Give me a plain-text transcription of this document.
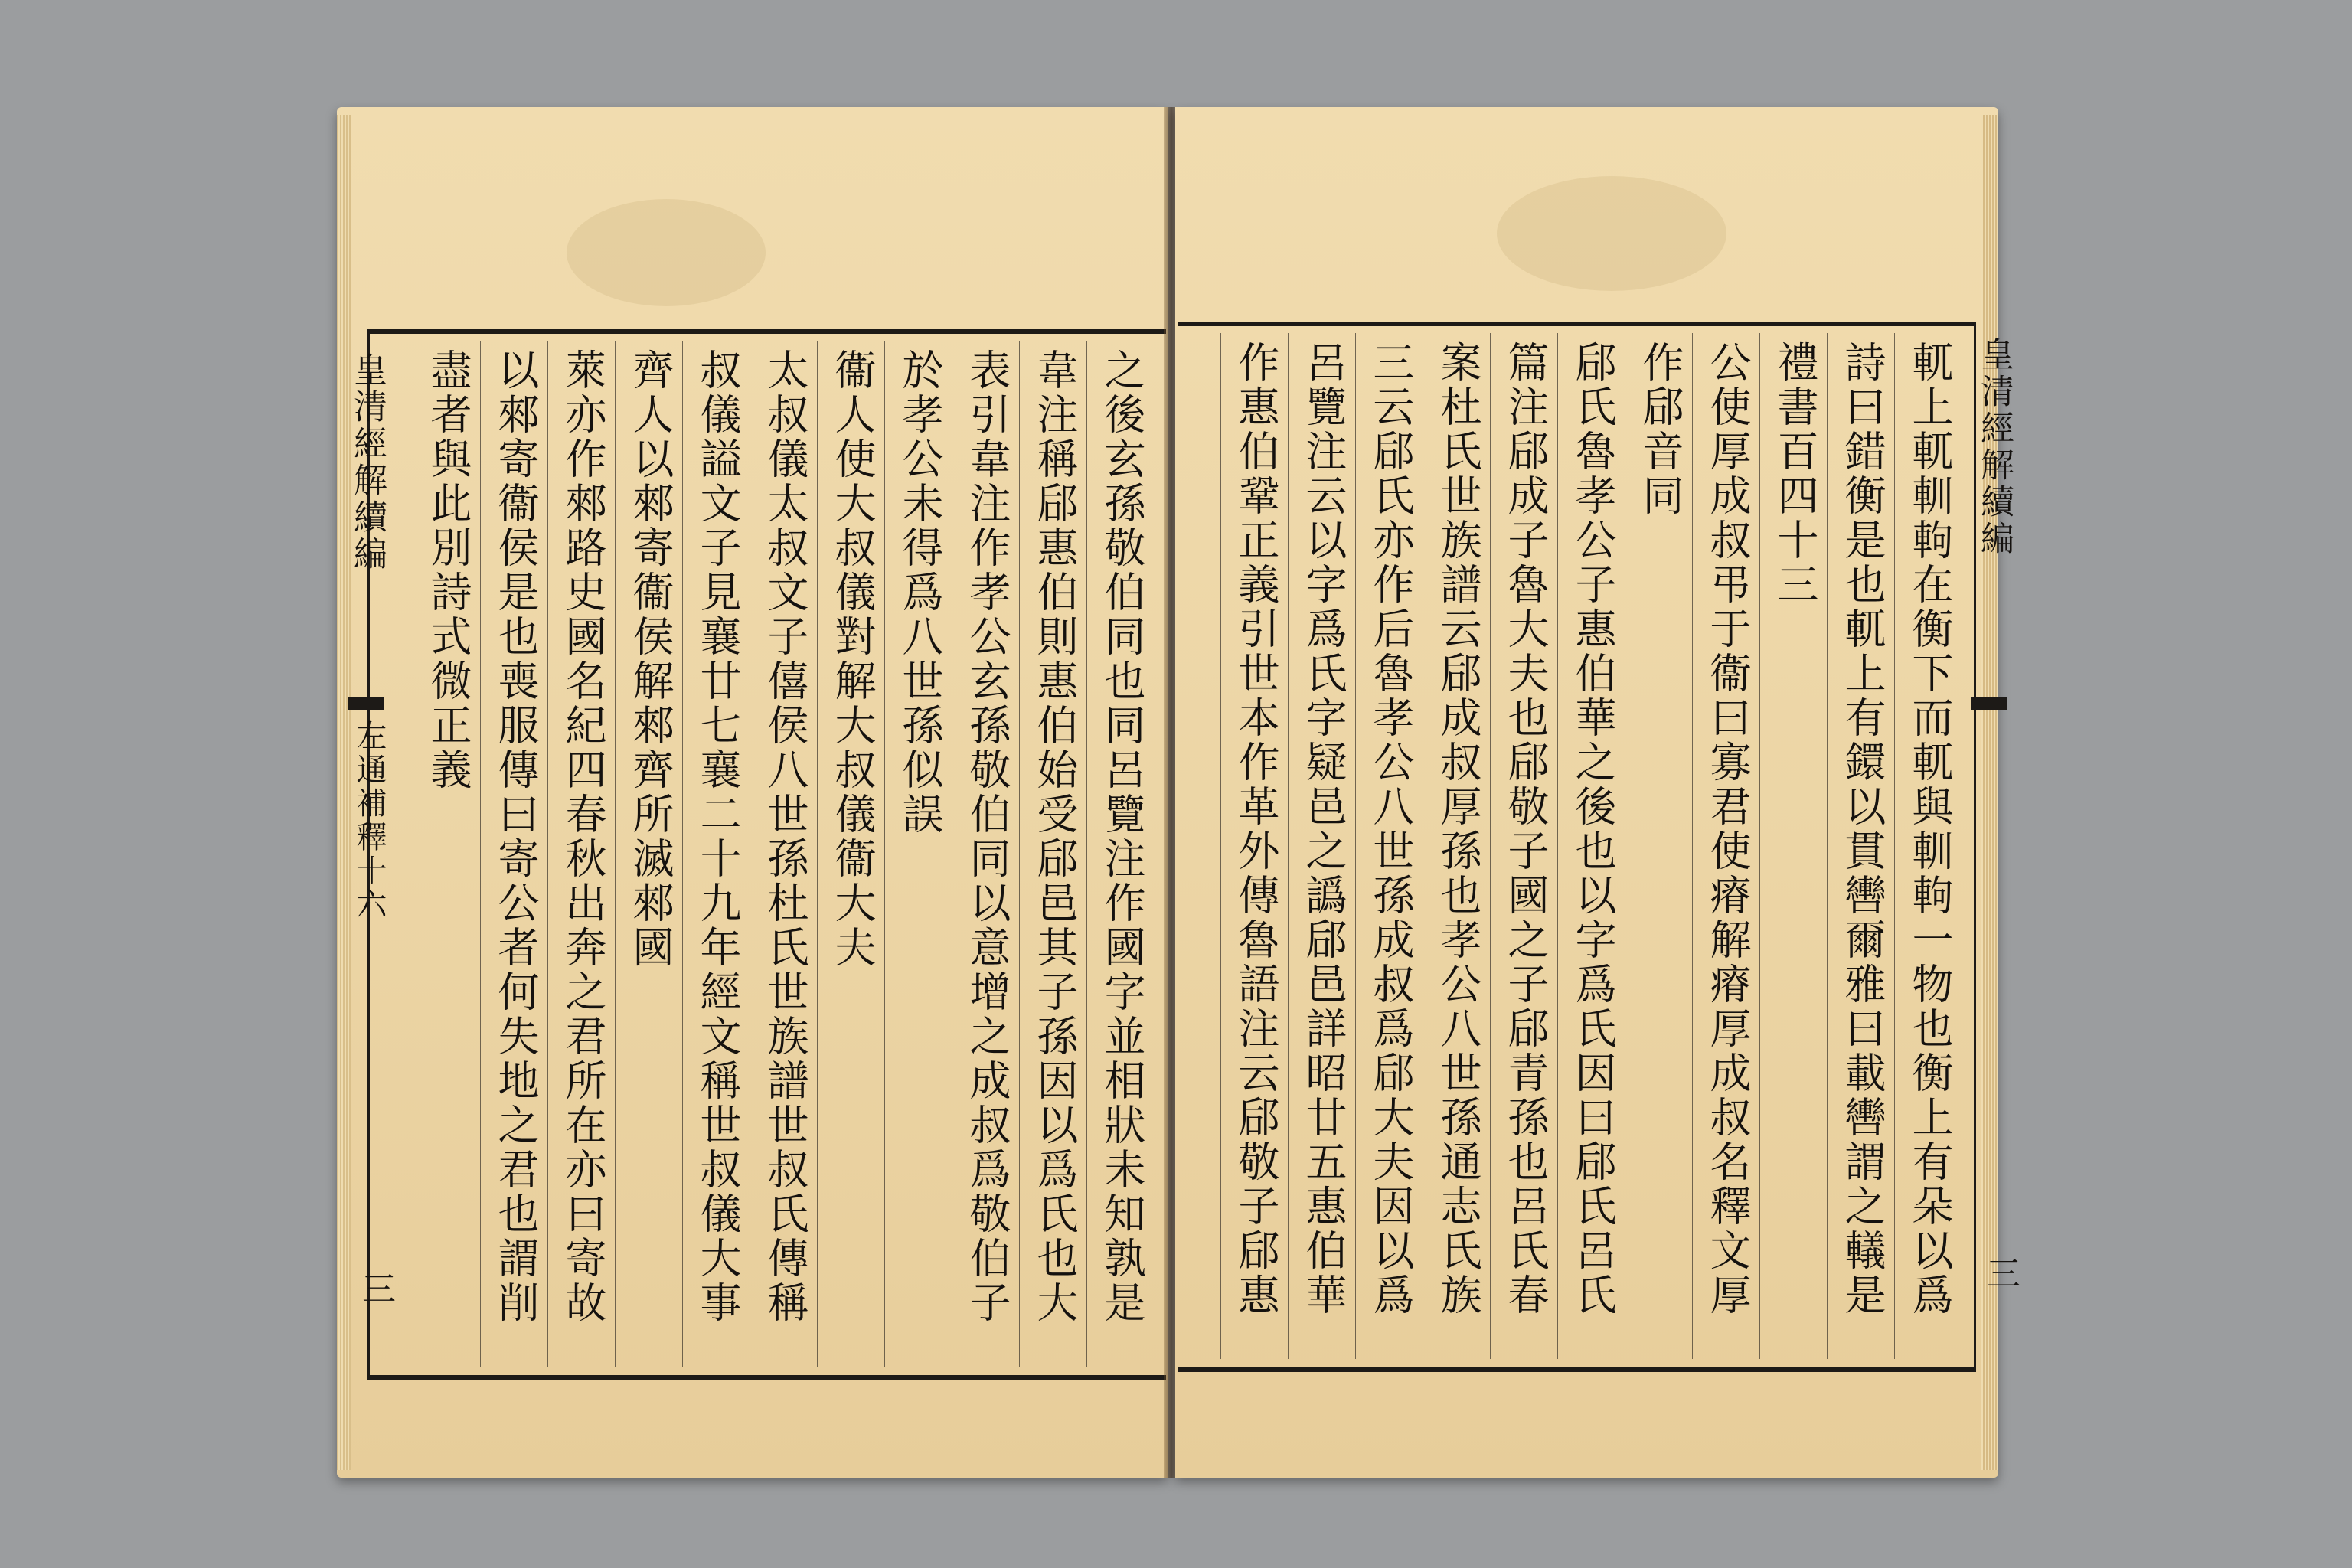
皇清經解續編
左通補釋十六
三
之後玄孫敬伯同也同呂覽注作國字並相狀未知孰是
韋注稱郈惠伯則惠伯始受郈邑其子孫因以爲氏也大
表引韋注作孝公玄孫敬伯同以意增之成叔爲敬伯子
於孝公未得爲八世孫似誤
衞人使大叔儀對解大叔儀衞大夫
太叔儀太叔文子僖侯八世孫杜氏世族譜世叔氏傳稱
叔儀謚文子見襄廿七襄二十九年經文稱世叔儀大事
齊人以郲寄衞侯解郲齊所滅郲國
萊亦作郲路史國名紀四春秋出奔之君所在亦曰寄故
以郲寄衞侯是也喪服傳曰寄公者何失地之君也謂削
盡者與此別詩式微正義	皇清經解續編
三
軏上軏䡅軥在衡下而軏與䡅軥一物也衡上有朵以爲
詩曰錯衡是也軏上有鐶以貫轡爾雅曰載轡謂之轙是
禮書百四十三
公使厚成叔弔于衞曰寡君使瘠解瘠厚成叔名釋文厚
作郈音同
郈氏魯孝公子惠伯華之後也以字爲氏因曰郈氏呂氏
篇注郈成子魯大夫也郈敬子國之子郈青孫也呂氏春
案杜氏世族譜云郈成叔厚孫也孝公八世孫通志氏族
三云郈氏亦作后魯孝公八世孫成叔爲郈大夫因以爲
呂覽注云以字爲氏字疑邑之譌郈邑詳昭廿五惠伯華
作惠伯鞏正義引世本作革外傳魯語注云郈敬子郈惠
